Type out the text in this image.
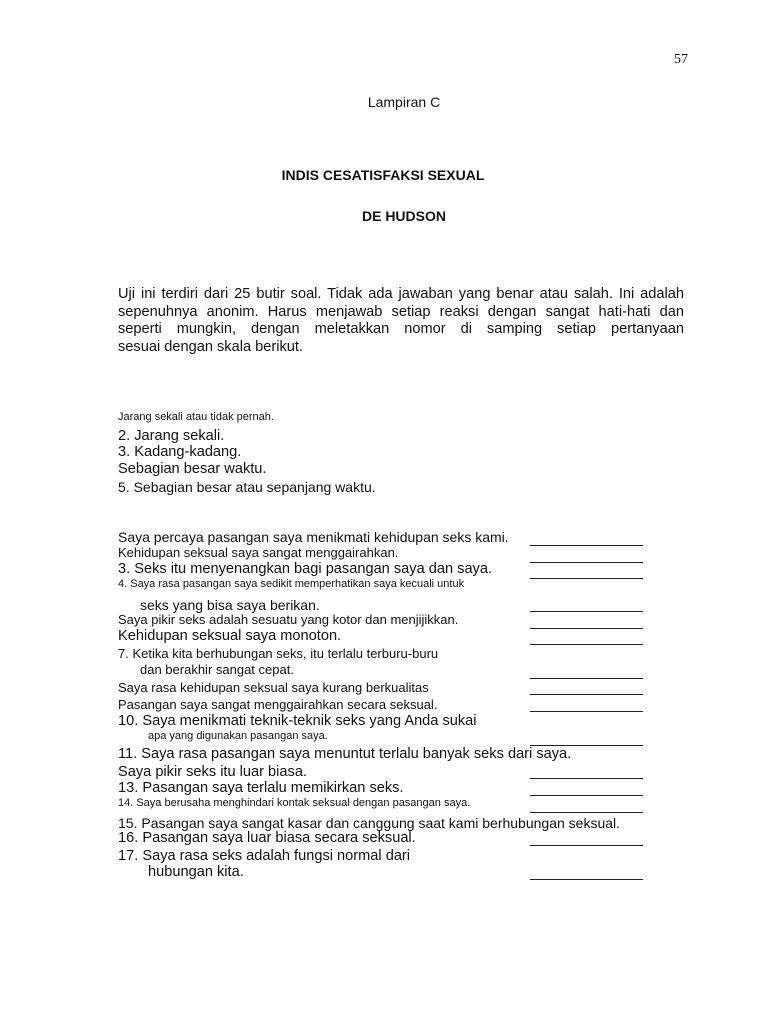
57
Lampiran C
INDIS CESATISFAKSI SEXUAL
DE HUDSON
Uji ini terdiri dari 25 butir soal. Tidak ada jawaban yang benar atau salah. Ini adalah
sepenuhnya anonim. Harus menjawab setiap reaksi dengan sangat hati-hati dan
seperti mungkin, dengan meletakkan nomor di samping setiap pertanyaan
sesuai dengan skala berikut.
Jarang sekali atau tidak pernah.
2. Jarang sekali.
3. Kadang-kadang.
Sebagian besar waktu.
5. Sebagian besar atau sepanjang waktu.
Saya percaya pasangan saya menikmati kehidupan seks kami.
Kehidupan seksual saya sangat menggairahkan.
3. Seks itu menyenangkan bagi pasangan saya dan saya.
4. Saya rasa pasangan saya sedikit memperhatikan saya kecuali untuk
seks yang bisa saya berikan.
Saya pikir seks adalah sesuatu yang kotor dan menjijikkan.
Kehidupan seksual saya monoton.
7. Ketika kita berhubungan seks, itu terlalu terburu-buru
dan berakhir sangat cepat.
Saya rasa kehidupan seksual saya kurang berkualitas
Pasangan saya sangat menggairahkan secara seksual.
10. Saya menikmati teknik-teknik seks yang Anda sukai
apa yang digunakan pasangan saya.
11. Saya rasa pasangan saya menuntut terlalu banyak seks dari saya.
Saya pikir seks itu luar biasa.
13. Pasangan saya terlalu memikirkan seks.
14. Saya berusaha menghindari kontak seksual dengan pasangan saya.
15. Pasangan saya sangat kasar dan canggung saat kami berhubungan seksual.
16. Pasangan saya luar biasa secara seksual.
17. Saya rasa seks adalah fungsi normal dari
hubungan kita.
